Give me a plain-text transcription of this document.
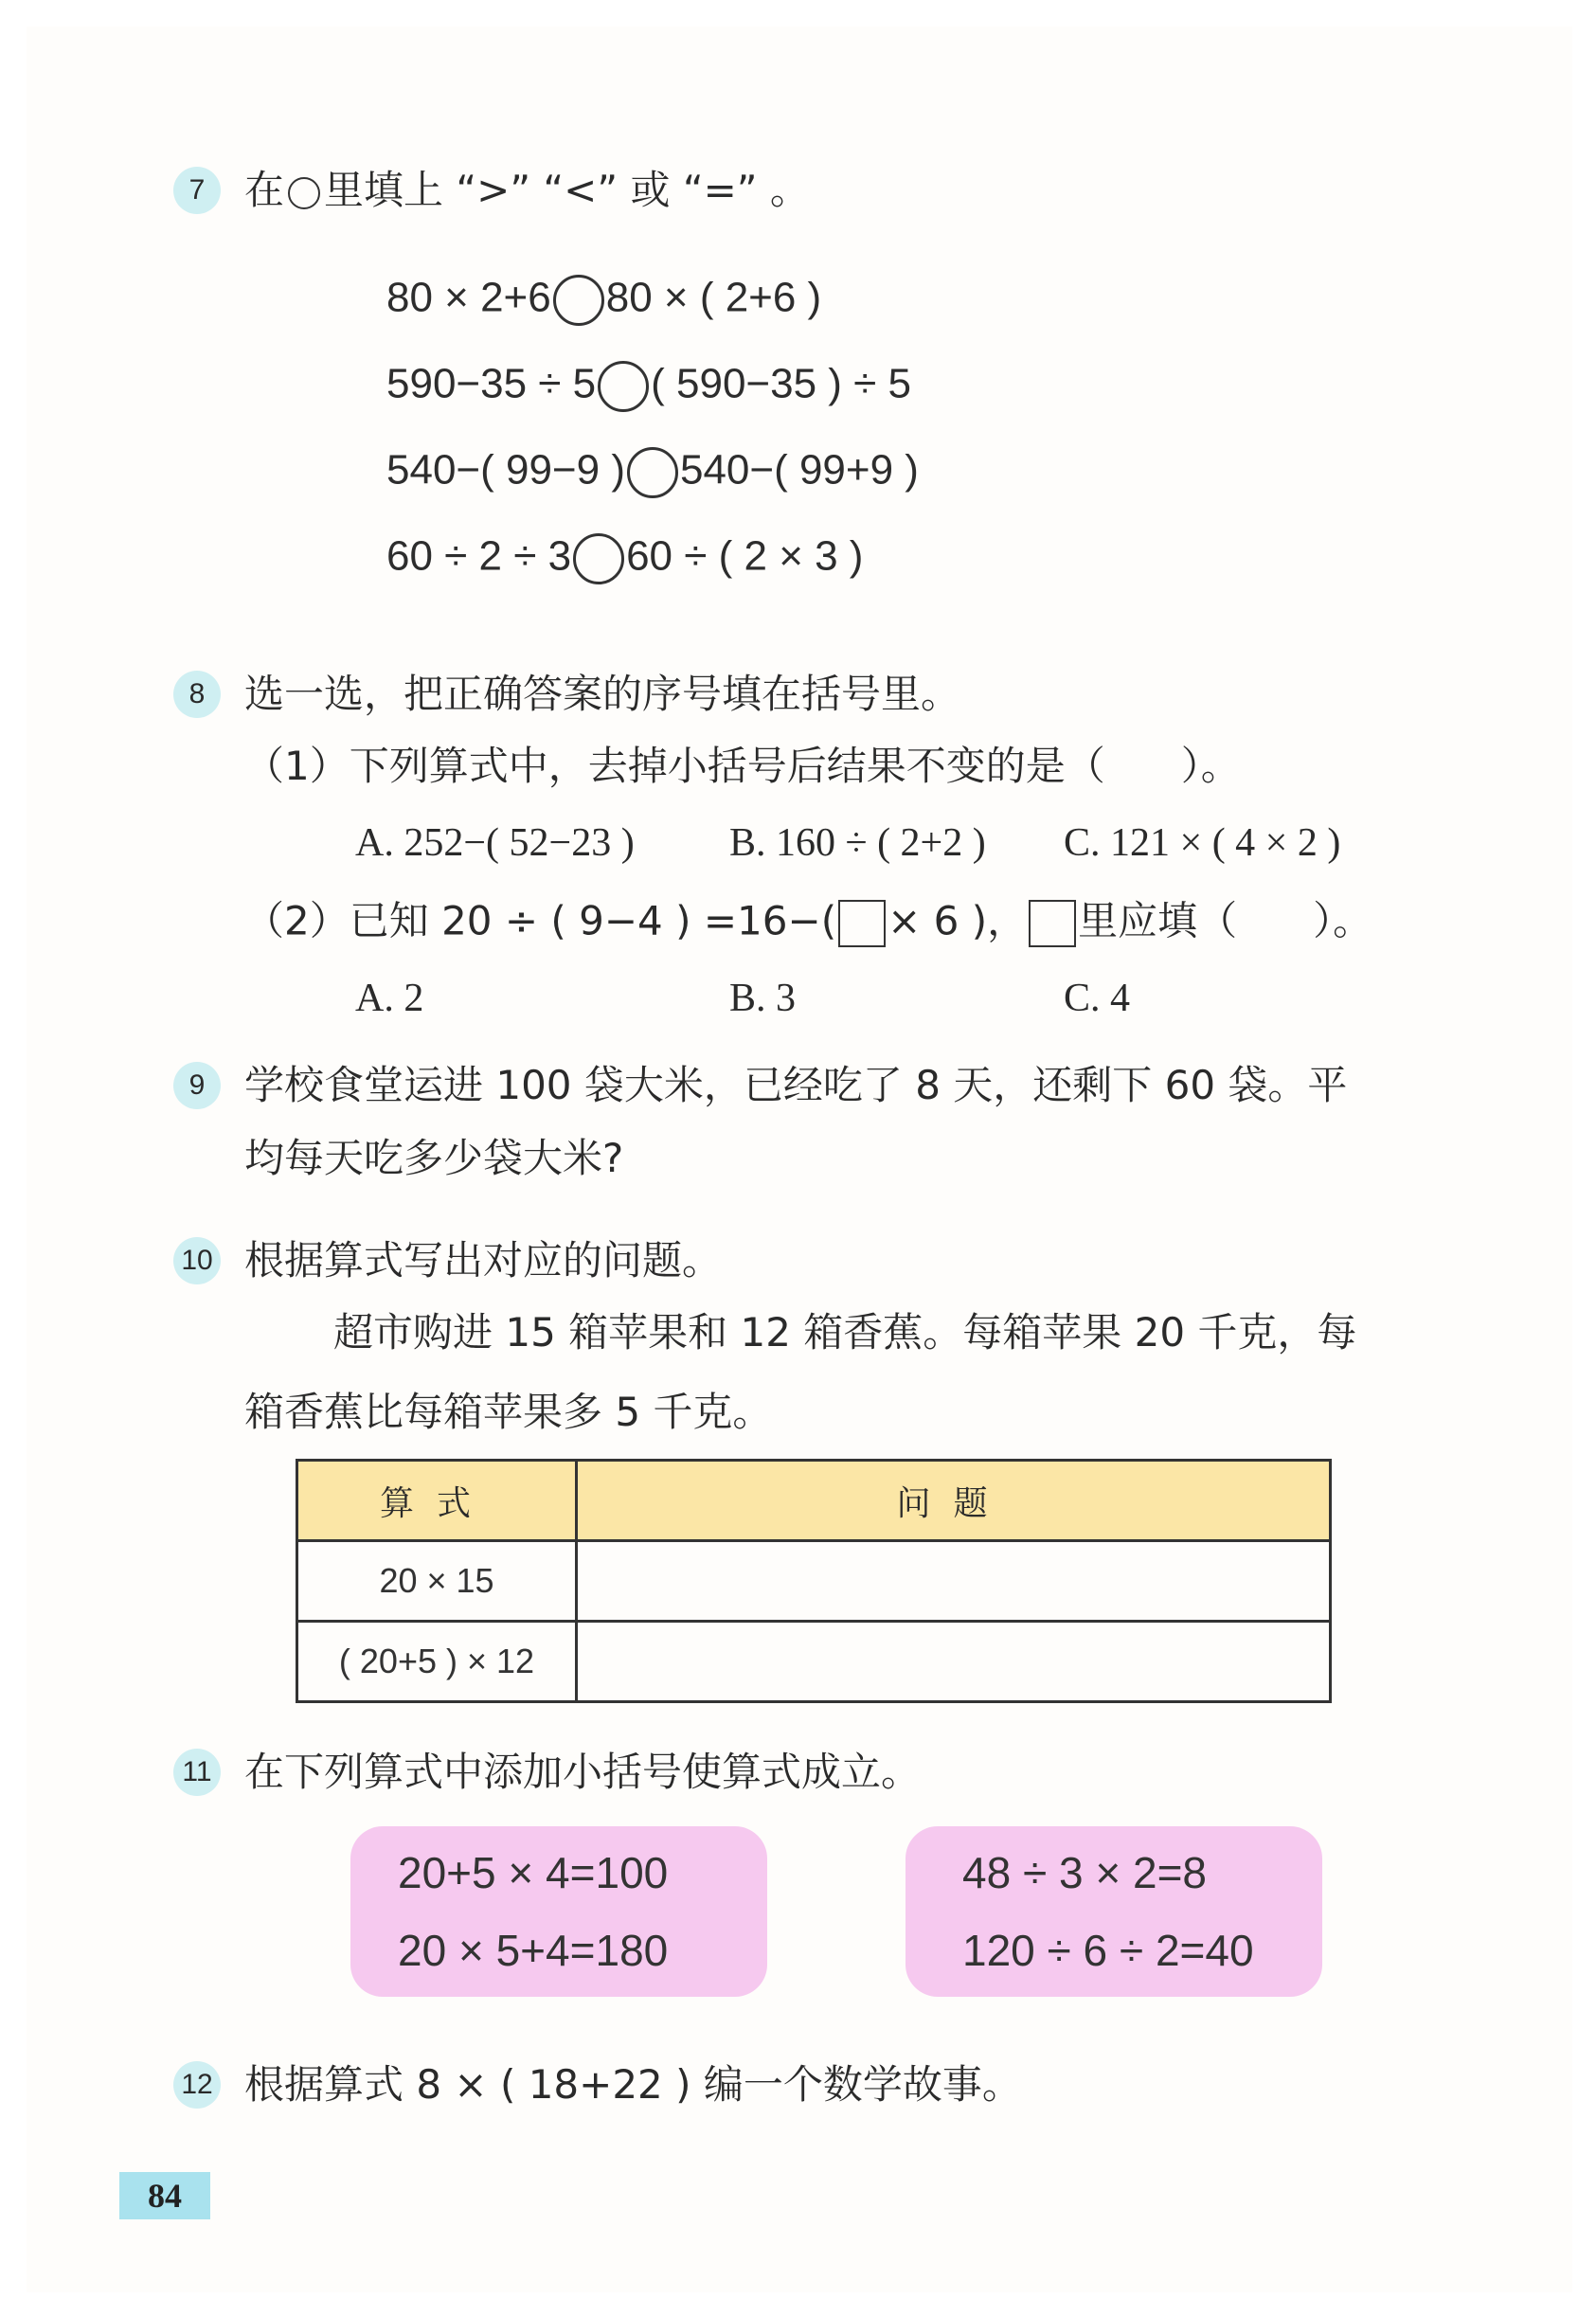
7 在 里填上 “>” “<” 或 “=” 。
80 × 2+6 80 × ( 2+6 )
590−35 ÷ 5 ( 590−35 ) ÷ 5
540−( 99−9 ) 540−( 99+9 )
60 ÷ 2 ÷ 3 60 ÷ ( 2 × 3 )
8 选一选，把正确答案的序号填在括号里。
（1）下列算式中，去掉小括号后结果不变的是（ ）。
A. 252−( 52−23 ) B. 160 ÷ ( 2+2 ) C. 121 × ( 4 × 2 )
（2）已知 20 ÷ ( 9−4 ) =16−( × 6 )， 里应填（ ）。
A. 2	B. 3	C. 4
9 学校食堂运进 100 袋大米，已经吃了 8 天，还剩下 60 袋。平
均每天吃多少袋大米?
10 根据算式写出对应的问题。
超市购进 15 箱苹果和 12 箱香蕉。每箱苹果 20 千克，每
箱香蕉比每箱苹果多 5 千克。
算式	问题
20 × 15	
( 20+5 ) × 12	
11 在下列算式中添加小括号使算式成立。
20+5 × 4=100
20 × 5+4=180
48 ÷ 3 × 2=8
120 ÷ 6 ÷ 2=40
12 根据算式 8 × ( 18+22 ) 编一个数学故事。
84
